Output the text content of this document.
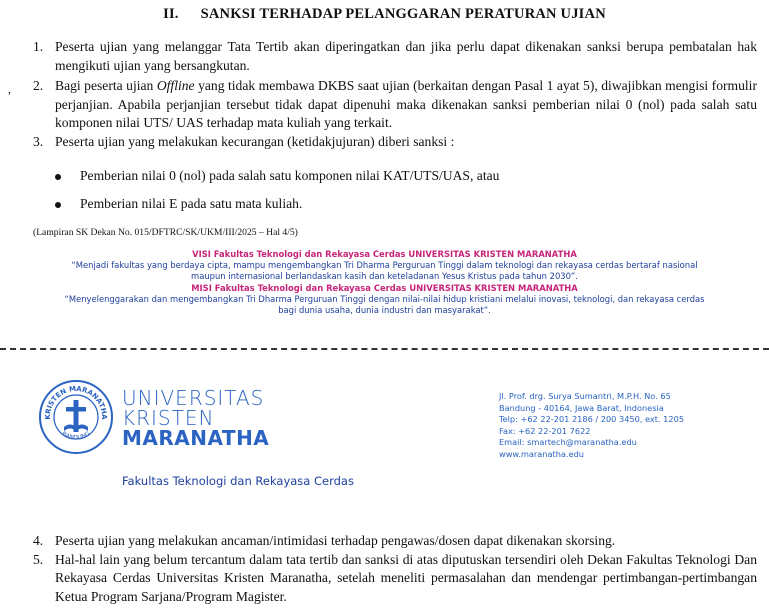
II. SANKSI TERHADAP PELANGGARAN PERATURAN UJIAN
,
1. Peserta ujian yang melanggar Tata Tertib akan diperingatkan dan jika perlu dapat dikenakan sanksi berupa pembatalan hak mengikuti ujian yang bersangkutan.
2. Bagi peserta ujian Offline yang tidak membawa DKBS saat ujian (berkaitan dengan Pasal 1 ayat 5), diwajibkan mengisi formulir perjanjian. Apabila perjanjian tersebut tidak dapat dipenuhi maka dikenakan sanksi pemberian nilai 0 (nol) pada salah satu komponen nilai UTS/ UAS terhadap mata kuliah yang terkait.
3. Peserta ujian yang melakukan kecurangan (ketidakjujuran) diberi sanksi :
Pemberian nilai 0 (nol) pada salah satu komponen nilai KAT/UTS/UAS, atau
Pemberian nilai E pada satu mata kuliah.
(Lampiran SK Dekan No. 015/DFTRC/SK/UKM/III/2025 – Hal 4/5)
VISI Fakultas Teknologi dan Rekayasa Cerdas UNIVERSITAS KRISTEN MARANATHA
“Menjadi fakultas yang berdaya cipta, mampu mengembangkan Tri Dharma Perguruan Tinggi dalam teknologi dan rekayasa cerdas bertaraf nasional
maupun internasional berlandaskan kasih dan keteladanan Yesus Kristus pada tahun 2030”.
MISI Fakultas Teknologi dan Rekayasa Cerdas UNIVERSITAS KRISTEN MARANATHA
“Menyelenggarakan dan mengembangkan Tri Dharma Perguruan Tinggi dengan nilai-nilai hidup kristiani melalui inovasi, teknologi, dan rekayasa cerdas
bagi dunia usaha, dunia industri dan masyarakat”.
KRISTEN MARANATHA
BANDUNG
UNIVERSITAS
KRISTEN
MARANATHA
Fakultas Teknologi dan Rekayasa Cerdas
Jl. Prof. drg. Surya Sumantri, M.P.H. No. 65
Bandung - 40164, Jawa Barat, Indonesia
Telp: +62 22-201 2186 / 200 3450, ext. 1205
Fax: +62 22-201 7622
Email: smartech@maranatha.edu
www.maranatha.edu
4. Peserta ujian yang melakukan ancaman/intimidasi terhadap pengawas/dosen dapat dikenakan skorsing.
5. Hal-hal lain yang belum tercantum dalam tata tertib dan sanksi di atas diputuskan tersendiri oleh Dekan Fakultas Teknologi Dan Rekayasa Cerdas Universitas Kristen Maranatha, setelah meneliti permasalahan dan mendengar pertimbangan-pertimbangan Ketua Program Sarjana/Program Magister.
